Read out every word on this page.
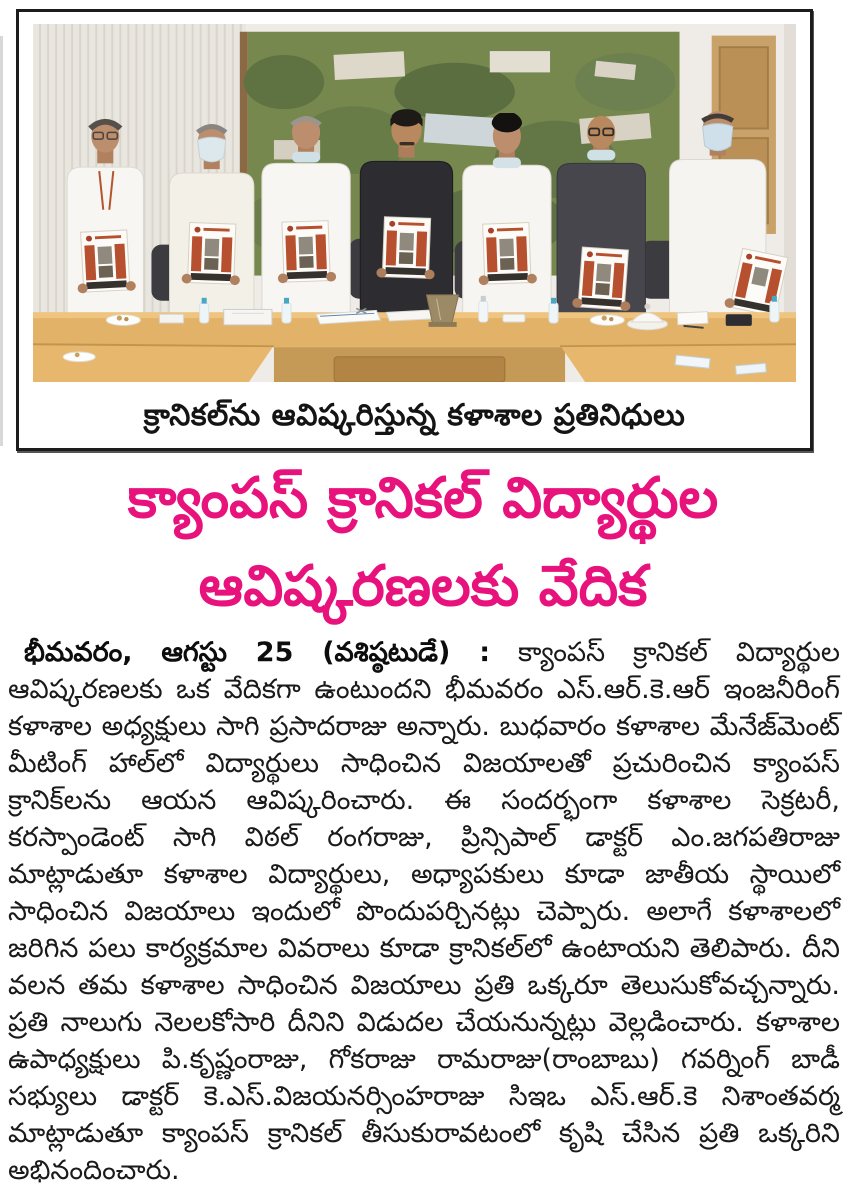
క్రానికల్‌ను ఆవిష్కరిస్తున్న కళాశాల ప్రతినిధులు
క్యాంపస్ క్రానికల్ విద్యార్థుల
ఆవిష్కరణలకు వేదిక

భీమవరం, ఆగస్టు 25 (వశిష్ఠటుడే) : క్యాంపస్ క్రానికల్ విద్యార్థుల ఆవిష్కరణలకు ఒక వేదికగా ఉంటుందని భీమవరం ఎస్.ఆర్.కె.ఆర్ ఇంజనీరింగ్ కళాశాల అధ్యక్షులు సాగి ప్రసాదరాజు అన్నారు. బుధవారం కళాశాల మేనేజ్‌మెంట్ మీటింగ్ హాల్‌లో విద్యార్థులు సాధించిన విజయాలతో ప్రచురించిన క్యాంపస్ క్రానిక్‌లను ఆయన ఆవిష్కరించారు. ఈ సందర్భంగా కళాశాల సెక్రటరీ, కరస్పాండెంట్ సాగి విఠల్ రంగరాజు, ప్రిన్సిపాల్ డాక్టర్ ఎం.జగపతిరాజు మాట్లాడుతూ కళాశాల విద్యార్థులు, అధ్యాపకులు కూడా జాతీయ స్థాయిలో సాధించిన విజయాలు ఇందులో పొందుపర్చినట్లు చెప్పారు. అలాగే కళాశాలలో జరిగిన పలు కార్యక్రమాల వివరాలు కూడా క్రానికల్‌లో ఉంటాయని తెలిపారు. దీని వలన తమ కళాశాల సాధించిన విజయాలు ప్రతి ఒక్కరూ తెలుసుకోవచ్చన్నారు. ప్రతి నాలుగు నెలలకోసారి దీనిని విడుదల చేయనున్నట్లు వెల్లడించారు. కళాశాల ఉపాధ్యక్షులు పి.కృష్ణంరాజు, గోకరాజు రామరాజు(రాంబాబు) గవర్నింగ్ బాడీ సభ్యులు డాక్టర్ కె.ఎస్.విజయనర్సింహరాజు సిఇఒ ఎస్.ఆర్.కె నిశాంతవర్మ మాట్లాడుతూ క్యాంపస్ క్రానికల్ తీసుకురావటంలో కృషి చేసిన ప్రతి ఒక్కరిని అభినందించారు.
